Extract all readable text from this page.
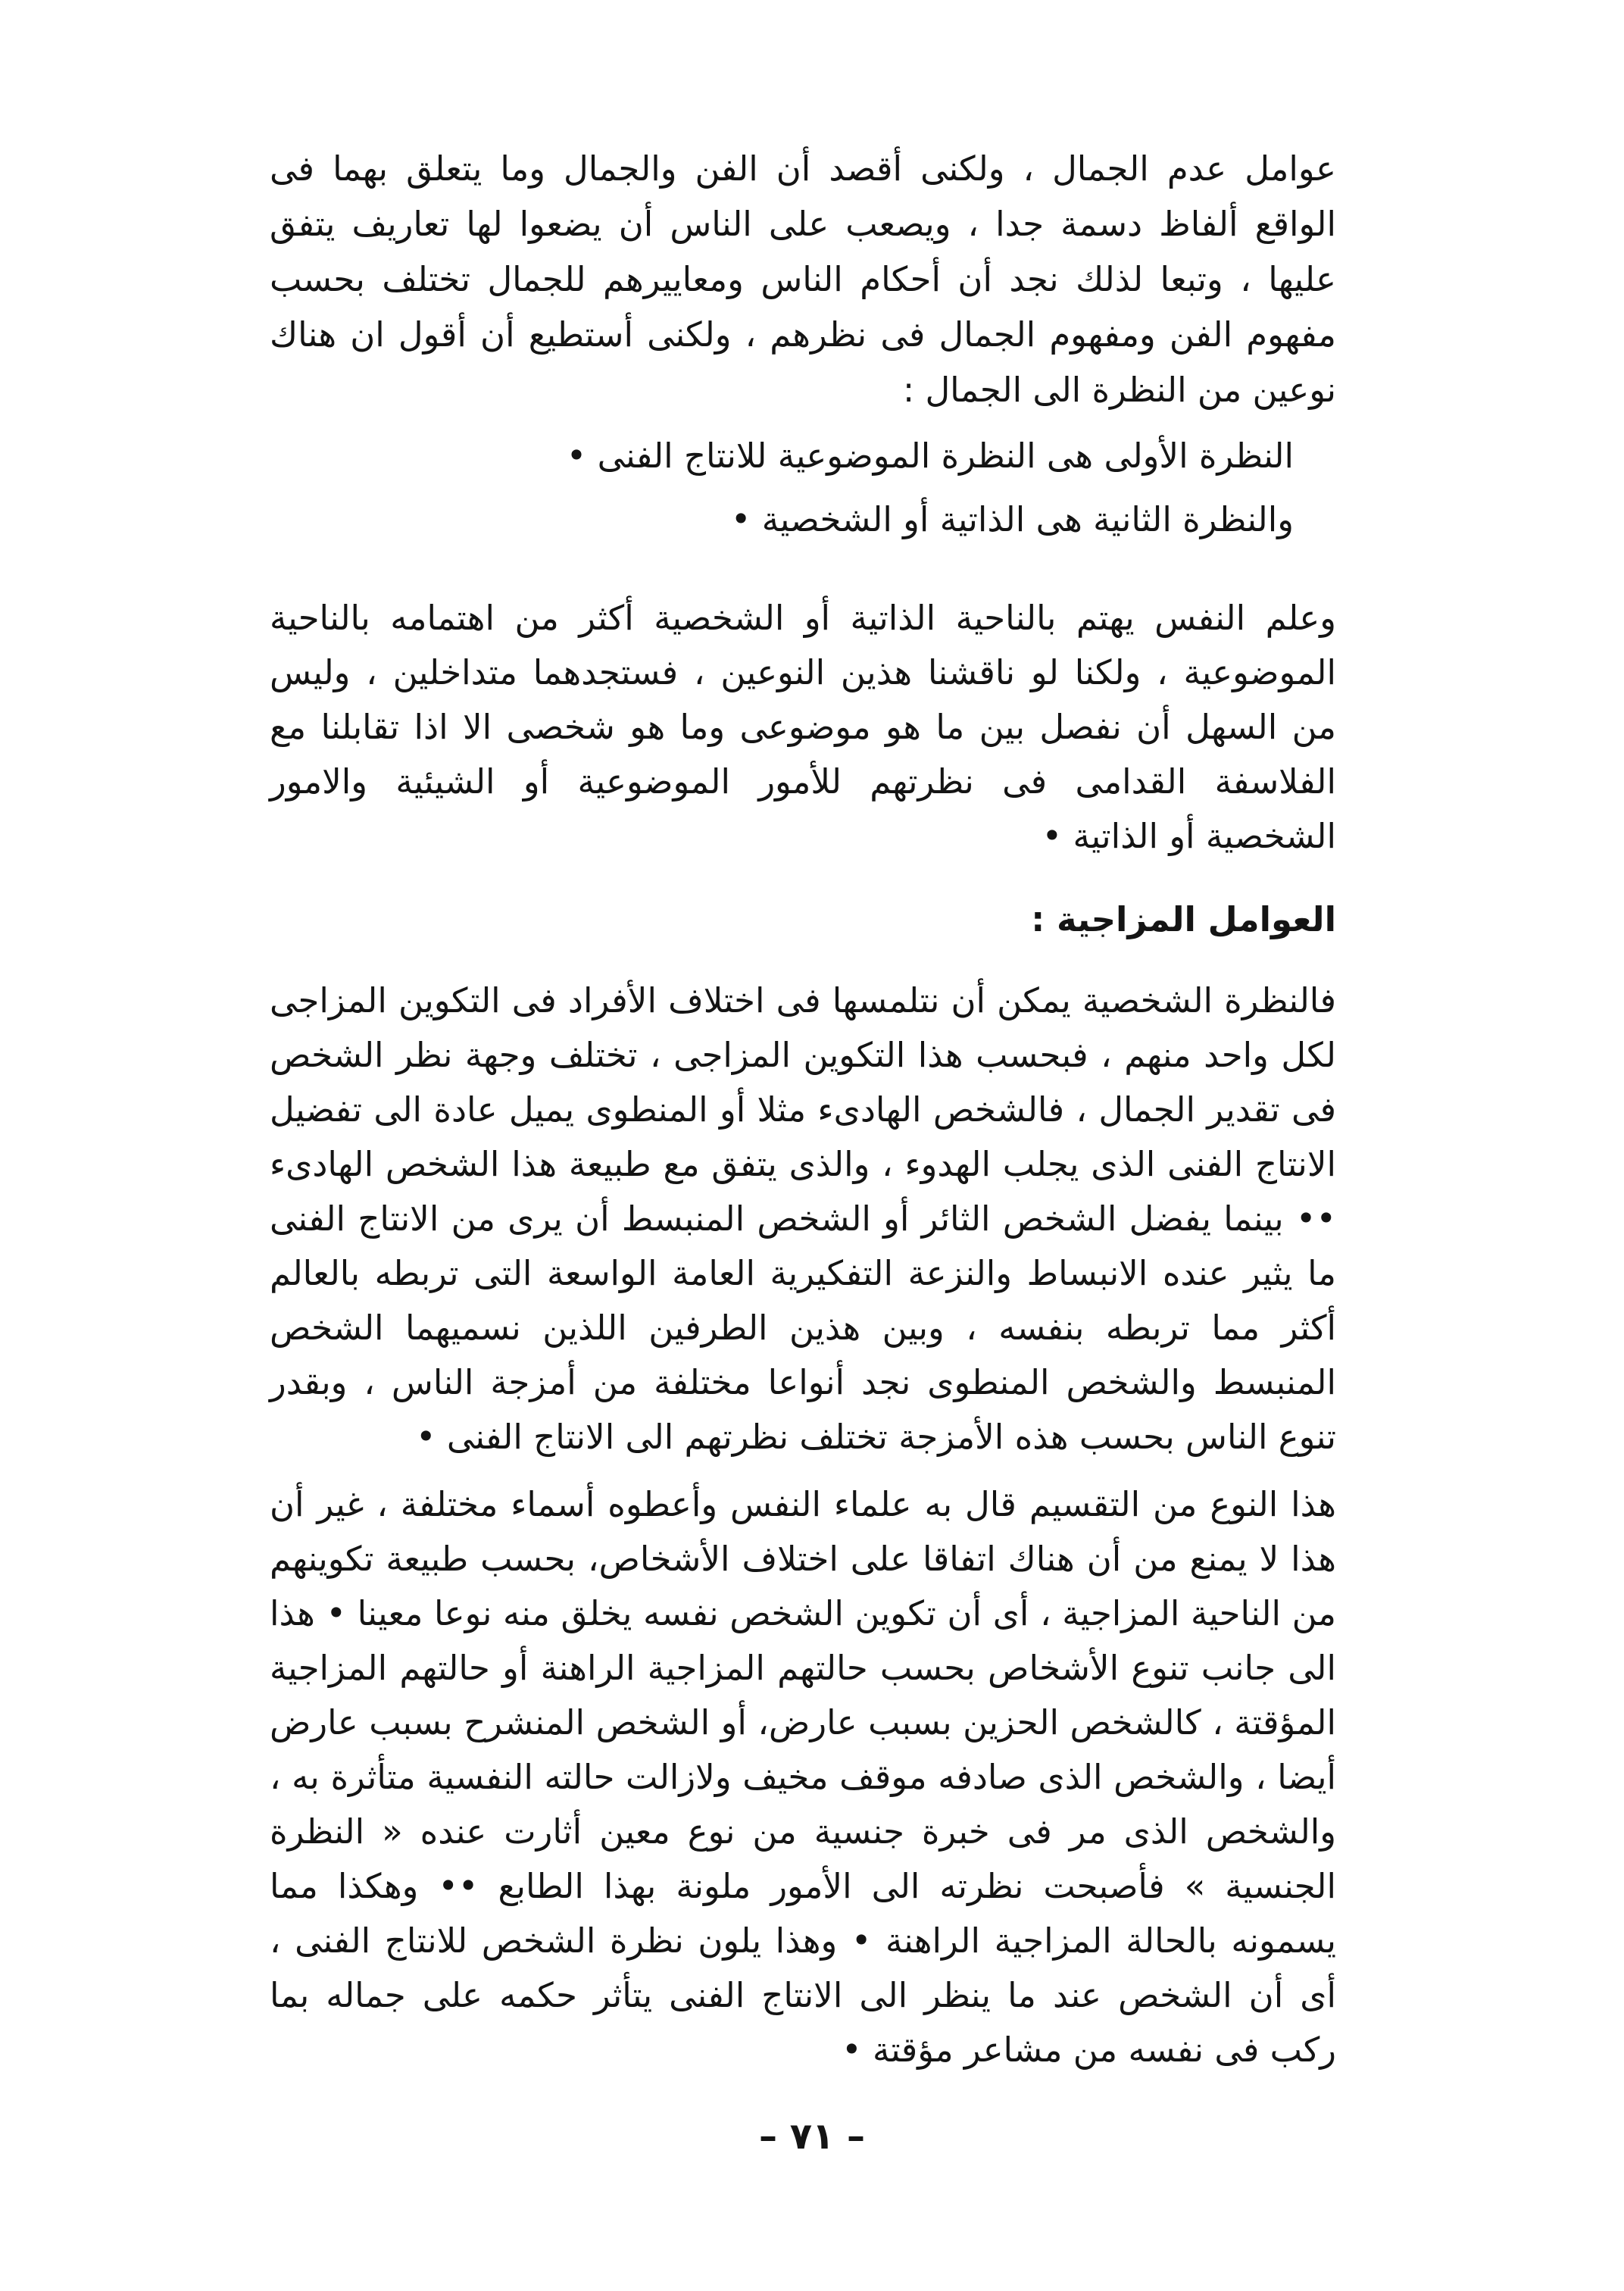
عوامل عدم الجمال ، ولكنى أقصد أن الفن والجمال وما يتعلق بهما فى الواقع ألفاظ دسمة جدا ، ويصعب على الناس أن يضعوا لها تعاريف يتفق عليها ، وتبعا لذلك نجد أن أحكام الناس ومعاييرهم للجمال تختلف بحسب مفهوم الفن ومفهوم الجمال فى نظرهم ، ولكنى أستطيع أن أقول ان هناك نوعين من النظرة الى الجمال :

النظرة الأولى هى النظرة الموضوعية للانتاج الفنى •

والنظرة الثانية هى الذاتية أو الشخصية •

وعلم النفس يهتم بالناحية الذاتية أو الشخصية أكثر من اهتمامه بالناحية الموضوعية ، ولكنا لو ناقشنا هذين النوعين ، فستجدهما متداخلين ، وليس من السهل أن نفصل بين ما هو موضوعى وما هو شخصى الا اذا تقابلنا مع الفلاسفة القدامى فى نظرتهم للأمور الموضوعية أو الشيئية والامور الشخصية أو الذاتية •

العوامل المزاجية :

فالنظرة الشخصية يمكن أن نتلمسها فى اختلاف الأفراد فى التكوين المزاجى لكل واحد منهم ، فبحسب هذا التكوين المزاجى ، تختلف وجهة نظر الشخص فى تقدير الجمال ، فالشخص الهادىء مثلا أو المنطوى يميل عادة الى تفضيل الانتاج الفنى الذى يجلب الهدوء ، والذى يتفق مع طبيعة هذا الشخص الهادىء •• بينما يفضل الشخص الثائر أو الشخص المنبسط أن يرى من الانتاج الفنى ما يثير عنده الانبساط والنزعة التفكيرية العامة الواسعة التى تربطه بالعالم أكثر مما تربطه بنفسه ، وبين هذين الطرفين اللذين نسميهما الشخص المنبسط والشخص المنطوى نجد أنواعا مختلفة من أمزجة الناس ، وبقدر تنوع الناس بحسب هذه الأمزجة تختلف نظرتهم الى الانتاج الفنى •

هذا النوع من التقسيم قال به علماء النفس وأعطوه أسماء مختلفة ، غير أن هذا لا يمنع من أن هناك اتفاقا على اختلاف الأشخاص، بحسب طبيعة تكوينهم من الناحية المزاجية ، أى أن تكوين الشخص نفسه يخلق منه نوعا معينا • هذا الى جانب تنوع الأشخاص بحسب حالتهم المزاجية الراهنة أو حالتهم المزاجية المؤقتة ، كالشخص الحزين بسبب عارض، أو الشخص المنشرح بسبب عارض أيضا ، والشخص الذى صادفه موقف مخيف ولازالت حالته النفسية متأثرة به ، والشخص الذى مر فى خبرة جنسية من نوع معين أثارت عنده « النظرة الجنسية » فأصبحت نظرته الى الأمور ملونة بهذا الطابع •• وهكذا مما يسمونه بالحالة المزاجية الراهنة • وهذا يلون نظرة الشخص للانتاج الفنى ، أى أن الشخص عند ما ينظر الى الانتاج الفنى يتأثر حكمه على جماله بما ركب فى نفسه من مشاعر مؤقتة •

– ٧١ –
